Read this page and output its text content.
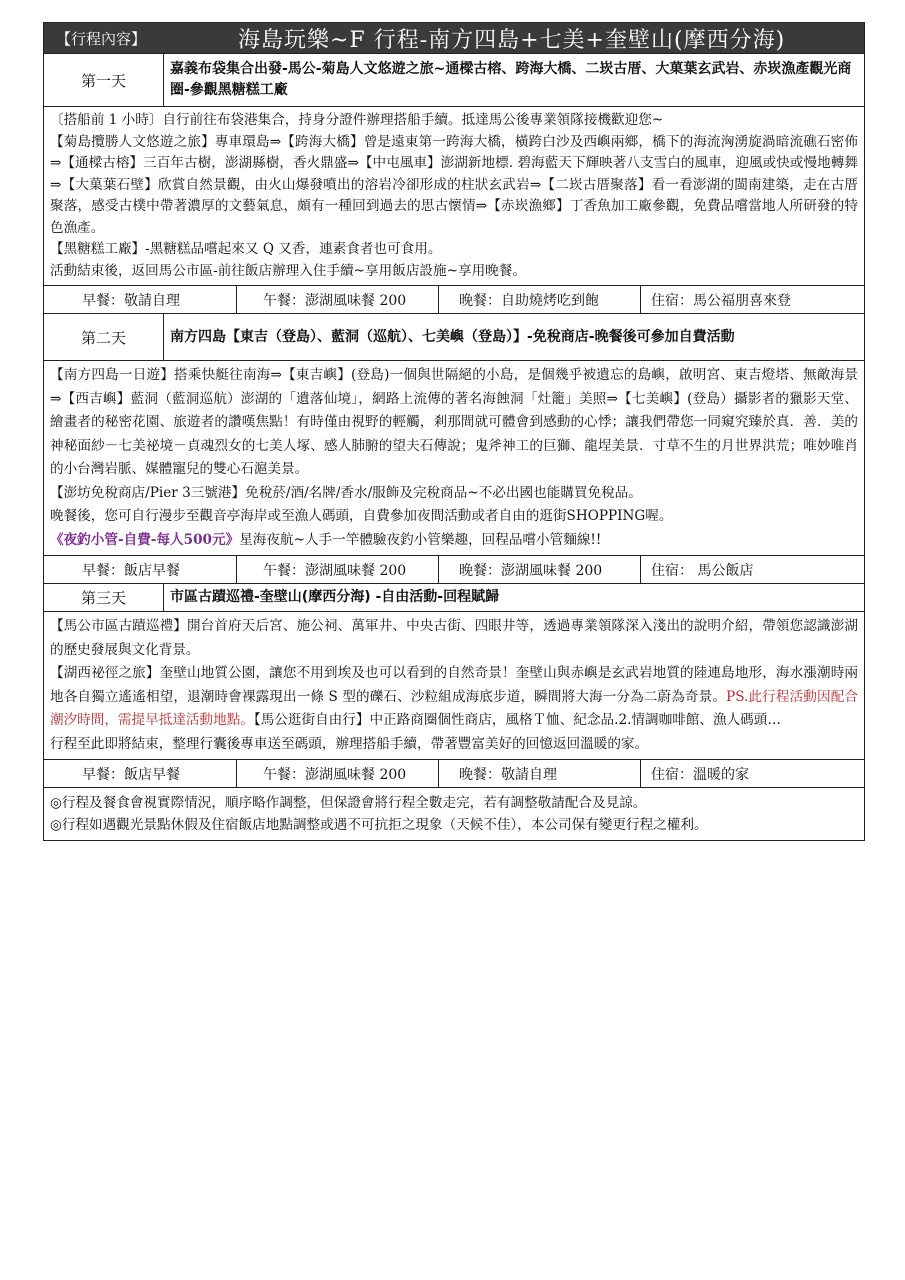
【行程內容】 海島玩樂~F 行程-南方四島+七美+奎壁山(摩西分海)	

第一天	嘉義布袋集合出發-馬公-菊島人文悠遊之旅~通樑古榕、跨海大橋、二崁古厝、大菓葉玄武岩、赤崁漁產觀光商圈-參觀黑糖糕工廠

〔搭船前 1 小時〕自行前往布袋港集合，持身分證件辦理搭船手續。抵達馬公後專業領隊接機歡迎您~

【菊島攬勝人文悠遊之旅】專車環島⇒【跨海大橋】曾是遠東第一跨海大橋，橫跨白沙及西嶼兩鄉，橋下的海流洶湧旋渦暗流礁石密佈⇒【通樑古榕】三百年古樹，澎湖縣樹，香火鼎盛⇒【中屯風車】澎湖新地標. 碧海藍天下輝映著八支雪白的風車，迎風或快或慢地轉舞⇒【大菓葉石壁】欣賞自然景觀，由火山爆發噴出的溶岩冷卻形成的柱狀玄武岩⇒【二崁古厝聚落】看一看澎湖的閩南建築，走在古厝聚落，感受古樸中帶著濃厚的文藝氣息，頗有一種回到過去的思古懷情⇒【赤崁漁鄉】丁香魚加工廠參觀，免費品嚐當地人所研發的特色漁產。

【黑糖糕工廠】-黑糖糕品嚐起來又 Q 又香，連素食者也可食用。

活動結束後，返回馬公市區-前往飯店辦理入住手續~享用飯店設施~享用晚餐。	

早餐：敬請自理 午餐：澎湖風味餐 200 晚餐：自助燒烤吃到飽 住宿：馬公福朋喜來登	

第二天	南方四島【東吉（登島）、藍洞（巡航）、七美嶼（登島）】-免稅商店-晚餐後可參加自費活動

【南方四島一日遊】搭乘快艇往南海⇒【東吉嶼】(登島)一個與世隔絕的小島，是個幾乎被遺忘的島嶼，啟明宮、東吉燈塔、無敵海景⇒【西吉嶼】藍洞（藍洞巡航）澎湖的「遺落仙境」，網路上流傳的著名海蝕洞「灶籠」美照⇒【七美嶼】(登島）攝影者的獵影天堂、繪畫者的秘密花園、旅遊者的讚嘆焦點！有時僅由視野的輕觸，剎那間就可體會到感動的心悸；讓我們帶您一同窺究臻於真．善．美的神秘面紗－七美祕境－貞魂烈女的七美人塚、感人肺腑的望夫石傳說；鬼斧神工的巨獅、龍埕美景．寸草不生的月世界洪荒；唯妙唯肖的小台灣岩脈、媒體寵兒的雙心石滬美景。

【澎坊免稅商店/Pier 3三號港】免稅菸/酒/名牌/香水/服飾及完稅商品~不必出國也能購買免稅品。

晚餐後，您可自行漫步至觀音亭海岸或至漁人碼頭，自費參加夜間活動或者自由的逛街SHOPPING喔。

《夜釣小管-自費-每人500元》星海夜航~人手一竿體驗夜釣小管樂趣，回程品嚐小管麵線!!	

早餐：飯店早餐 午餐：澎湖風味餐 200 晚餐：澎湖風味餐 200 住宿： 馬公飯店	

第三天	市區古蹟巡禮-奎壁山(摩西分海) -自由活動-回程賦歸

【馬公市區古蹟巡禮】開台首府天后宮、施公祠、萬軍井、中央古街、四眼井等，透過專業領隊深入淺出的說明介紹，帶領您認識澎湖的歷史發展與文化背景。

【湖西祕徑之旅】奎壁山地質公園，讓您不用到埃及也可以看到的自然奇景！奎壁山與赤嶼是玄武岩地質的陸連島地形，海水漲潮時兩地各自獨立遙遙相望，退潮時會裸露現出一條 S 型的礫石、沙粒組成海底步道，瞬間將大海一分為二蔚為奇景。PS.此行程活動因配合潮汐時間，需提早抵達活動地點。【馬公逛街自由行】中正路商圈個性商店，風格Ｔ恤、紀念品.2.情調咖啡館、漁人碼頭…

行程至此即將結束，整理行囊後專車送至碼頭，辦理搭船手續，帶著豐富美好的回憶返回溫暖的家。	

早餐：飯店早餐 午餐：澎湖風味餐 200 晚餐：敬請自理 住宿：溫暖的家	

◎行程及餐食會視實際情況，順序略作調整，但保證會將行程全數走完，若有調整敬請配合及見諒。
◎行程如遇觀光景點休假及住宿飯店地點調整或遇不可抗拒之現象（天候不佳），本公司保有變更行程之權利。	
